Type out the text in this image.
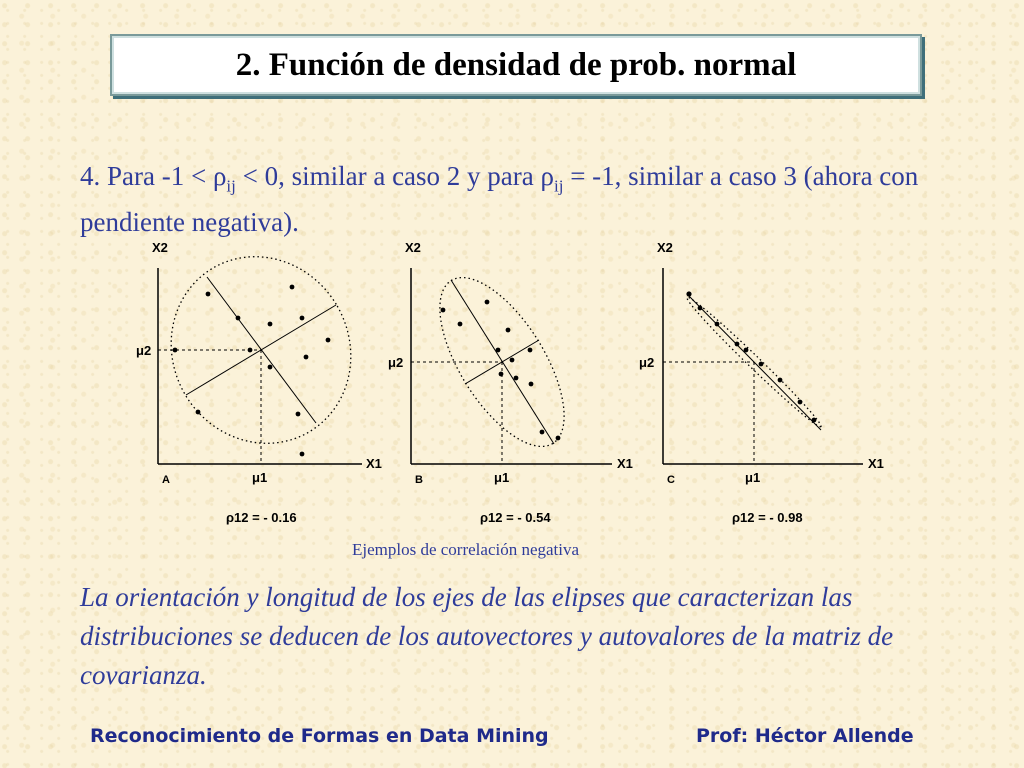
2. Función de densidad de prob. normal
4. Para $-1 < \rho_{ij} < 0$, similar a caso 2 y para $\rho_{ij} = -1$, similar a caso 3 (ahora con pendiente negativa).
X2
X1
μ2
μ1
A
ρ12 = - 0.16
X2
X1
μ2
μ1
B
ρ12 = - 0.54
X2
X1
μ2
μ1
C
ρ12 = - 0.98
Ejemplos de correlación negativa
La orientación y longitud de los ejes de las elipses que caracterizan las distribuciones se deducen de los autovectores y autovalores de la matriz de covarianza.
Reconocimiento de Formas en Data Mining	Prof: Héctor Allende
